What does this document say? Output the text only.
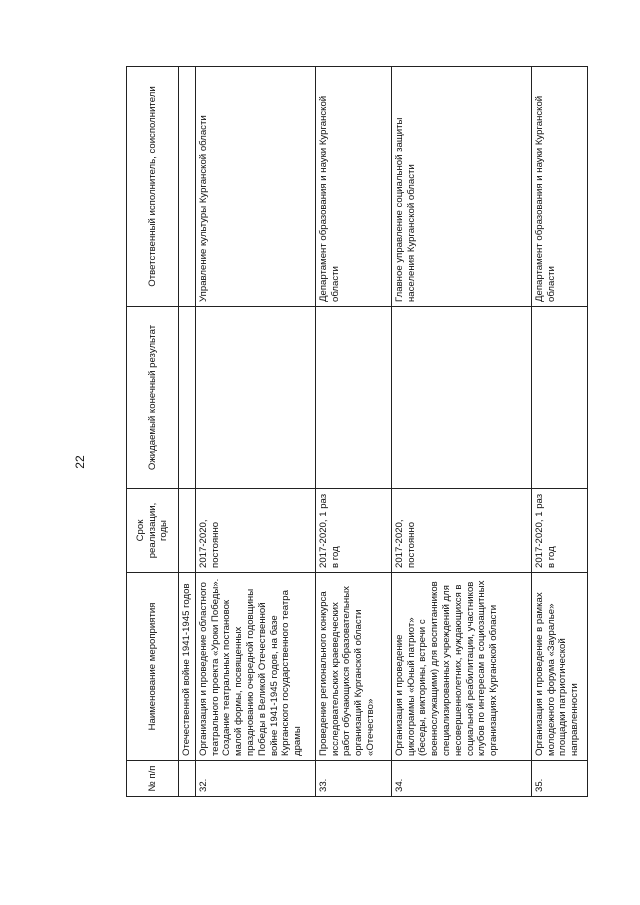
22
№ п/п	Наименование мероприятия	Срок реализации, годы	Ожидаемый конечный результат	Ответственный исполнитель, соисполнители
	Отечественной войне 1941-1945 годов			
32.	Организация и проведение областного театрального проекта «Уроки Победы». Создание театральных постановок малой формы, посвященных празднованию очередной годовщины Победы в Великой Отечественной войне 1941-1945 годов, на базе Курганского государственного театра драмы	2017-2020, постоянно		Управление культуры Курганской области
33.	Проведение регионального конкурса исследовательских краеведческих работ обучающихся образовательных организаций Курганской области «Отечество»	2017-2020, 1 раз в год		Департамент образования и науки Курганской области
34.	Организация и проведение циклограммы «Юный патриот» (беседы, викторины, встречи с военнослужащими) для воспитанников специализированных учреждений для несовершеннолетних, нуждающихся в социальной реабилитации, участников клубов по интересам в социозащитных организациях Курганской области	2017-2020, постоянно		Главное управление социальной защиты населения Курганской области
35.	Организация и проведение в рамках молодежного форума «Зауралье» площадки патриотической направленности	2017-2020, 1 раз в год		Департамент образования и науки Курганской области
